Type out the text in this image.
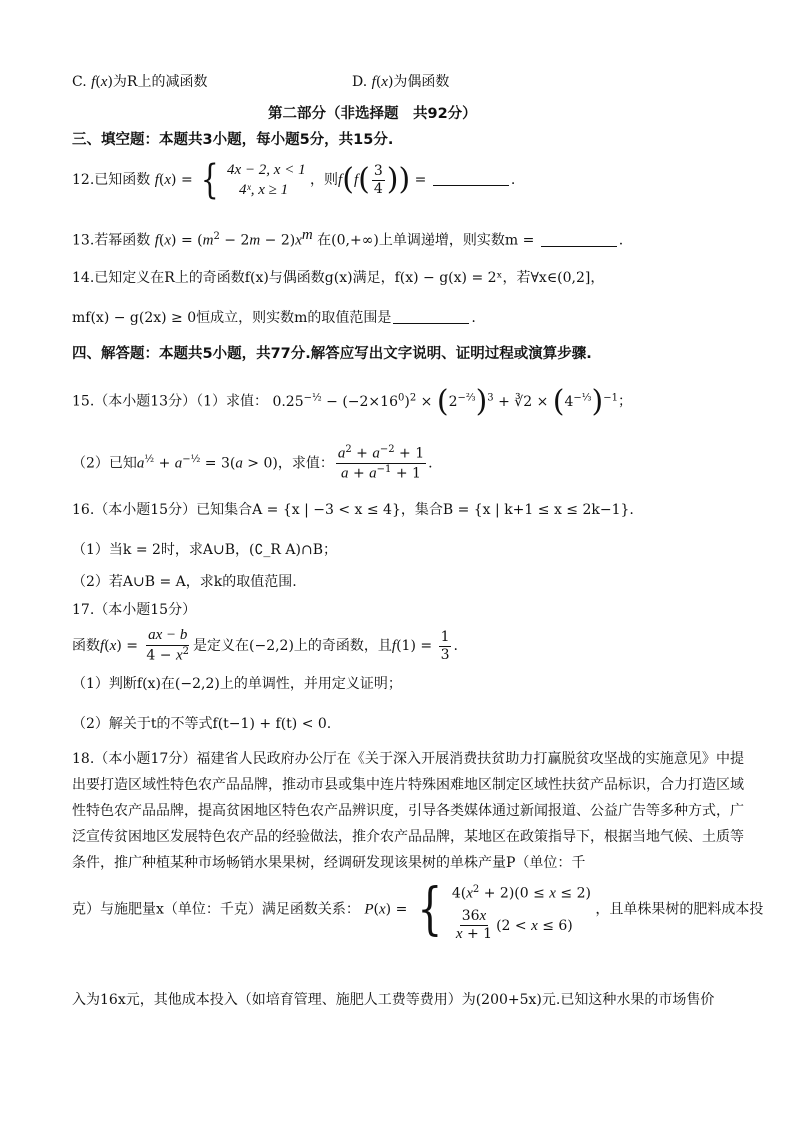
C. f(x)为R上的减函数	D. f(x)为偶函数
第二部分（非选择题　共92分）
三、填空题：本题共3小题，每小题5分，共15分.
12.已知函数 f(x) = { 4x − 2, x < 1
4ˣ, x ≥ 1
，则$f(f( \frac{3}{4}$ )) =	.
13.若幂函数 $f(x) = (m^2 - 2m - 2)x^m$ 在(0,+∞)上单调递增，则实数m =	.
14.已知定义在R上的奇函数f(x)与偶函数g(x)满足，f(x) − g(x) = 2ˣ，若∀x∈(0,2]，
mf(x) − g(2x) ≥ 0恒成立，则实数m的取值范围是	.
四、解答题：本题共5小题，共77分.解答应写出文字说明、证明过程或演算步骤.
15.（本小题13分）（1）求值： $0.25^{-\frac{1}{2}} - (-2\times 16^0)^2 \times (2^{-\frac{2}{3}})^3$ + ∛2 × $(4^{-\frac{1}{3}})^{-1}$；
（2）已知$a^{\frac{1}{2}} + a^{-\frac{1}{2}} = 3(a > 0)$，求值： $\frac{a^2 + a^{-2} + 1}{a + a^{-1} + 1}$ .
16.（本小题15分）已知集合A = {x | −3 < x ≤ 4}，集合B = {x | k+1 ≤ x ≤ 2k−1}.
（1）当k = 2时，求A∪B，(∁_R A)∩B；
（2）若A∪B = A，求k的取值范围.
17.（本小题15分）
函数$f(x) = \frac{ax - b}{4 - x^2}$ 是定义在(−2,2)上的奇函数，且$f(1) = \frac{1}{3}$ .
（1）判断f(x)在(−2,2)上的单调性，并用定义证明；
（2）解关于t的不等式f(t−1) + f(t) < 0.
18.（本小题17分）福建省人民政府办公厅在《关于深入开展消费扶贫助力打赢脱贫攻坚战的实施意见》中提出要打造区域性特色农产品品牌，推动市县或集中连片特殊困难地区制定区域性扶贫产品标识，合力打造区域性特色农产品品牌，提高贫困地区特色农产品辨识度，引导各类媒体通过新闻报道、公益广告等多种方式，广泛宣传贫困地区发展特色农产品的经验做法，推介农产品品牌，某地区在政策指导下，根据当地气候、土质等条件，推广种植某种市场畅销水果果树，经调研发现该果树的单株产量P（单位：千
克）与施肥量x（单位：千克）满足函数关系： P(x) = { $4(x^2 + 2)(0 \le x \le 2)$
$\frac{36x}{x + 1} (2 < x \le 6)$
，且单株果树的肥料成本投
入为16x元，其他成本投入（如培育管理、施肥人工费等费用）为(200+5x)元.已知这种水果的市场售价
